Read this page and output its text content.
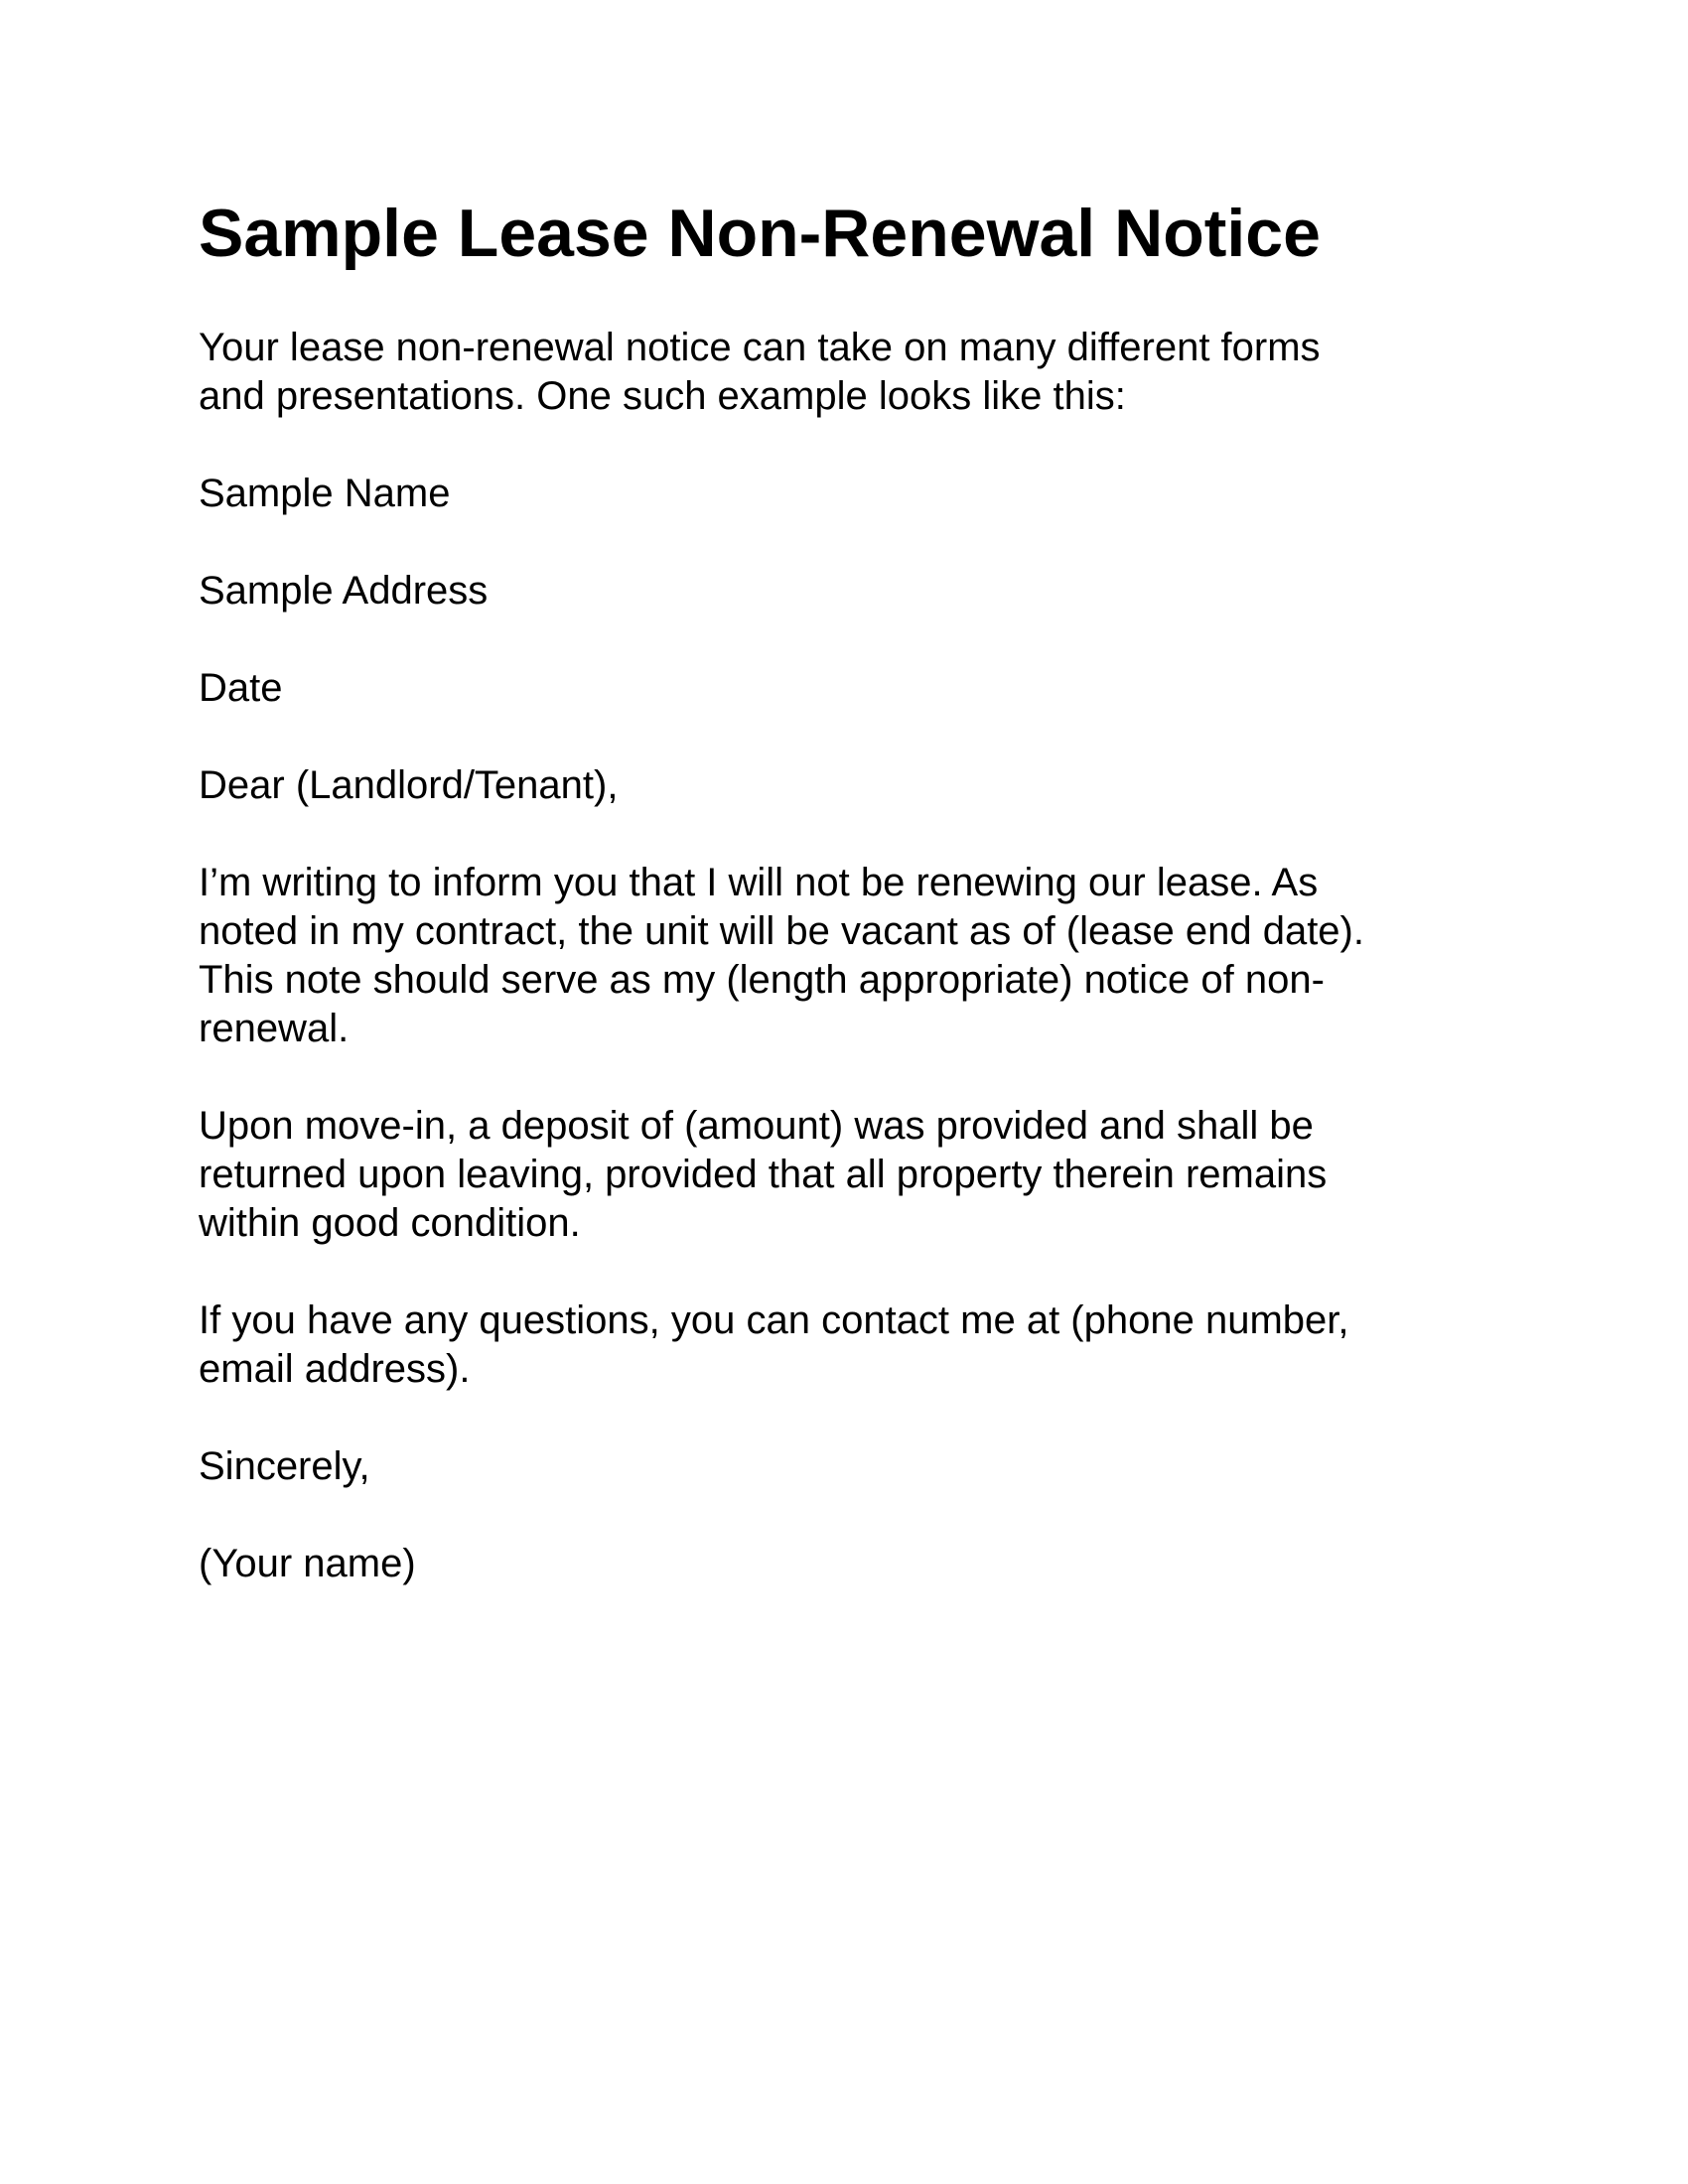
Sample Lease Non-Renewal Notice

Your lease non-renewal notice can take on many different forms
and presentations. One such example looks like this:

Sample Name

Sample Address

Date

Dear (Landlord/Tenant),

I’m writing to inform you that I will not be renewing our lease. As
noted in my contract, the unit will be vacant as of (lease end date).
This note should serve as my (length appropriate) notice of non-
renewal.

Upon move-in, a deposit of (amount) was provided and shall be
returned upon leaving, provided that all property therein remains
within good condition.

If you have any questions, you can contact me at (phone number,
email address).

Sincerely,

(Your name)
